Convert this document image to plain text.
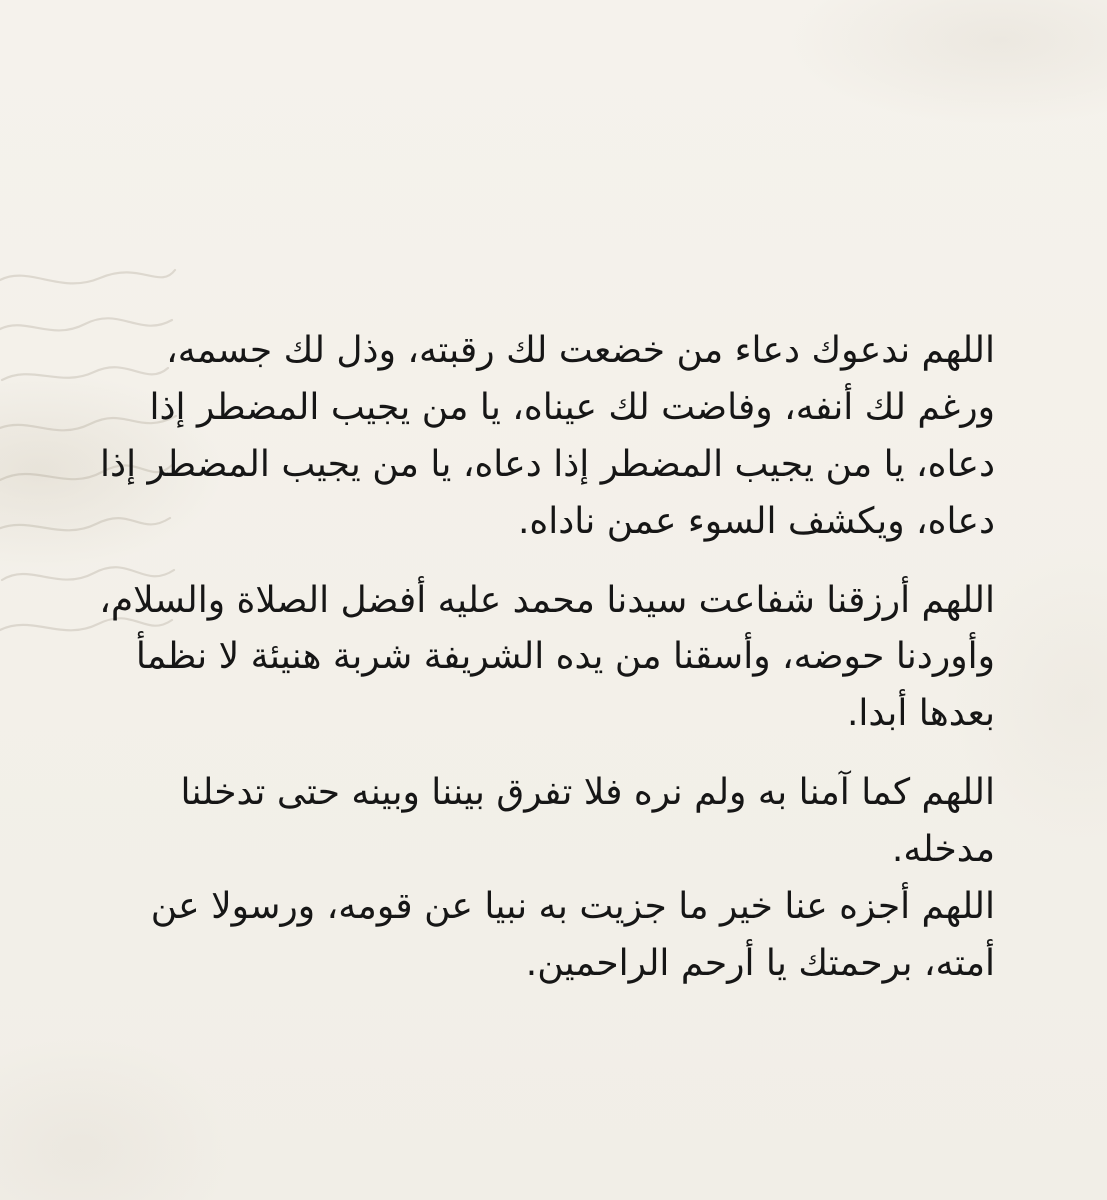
اللهم ندعوك دعاء من خضعت لك رقبته، وذل لك جسمه،
ورغم لك أنفه، وفاضت لك عيناه، يا من يجيب المضطر إذا
دعاه، يا من يجيب المضطر إذا دعاه، يا من يجيب المضطر إذا
دعاه، ويكشف السوء عمن ناداه.

اللهم أرزقنا شفاعت سيدنا محمد عليه أفضل الصلاة والسلام،
وأوردنا حوضه، وأسقنا من يده الشريفة شربة هنيئة لا نظمأ
بعدها أبدا.

اللهم كما آمنا به ولم نره فلا تفرق بيننا وبينه حتى تدخلنا
مدخله.

اللهم أجزه عنا خير ما جزيت به نبيا عن قومه، ورسولا عن
أمته، برحمتك يا أرحم الراحمين.
